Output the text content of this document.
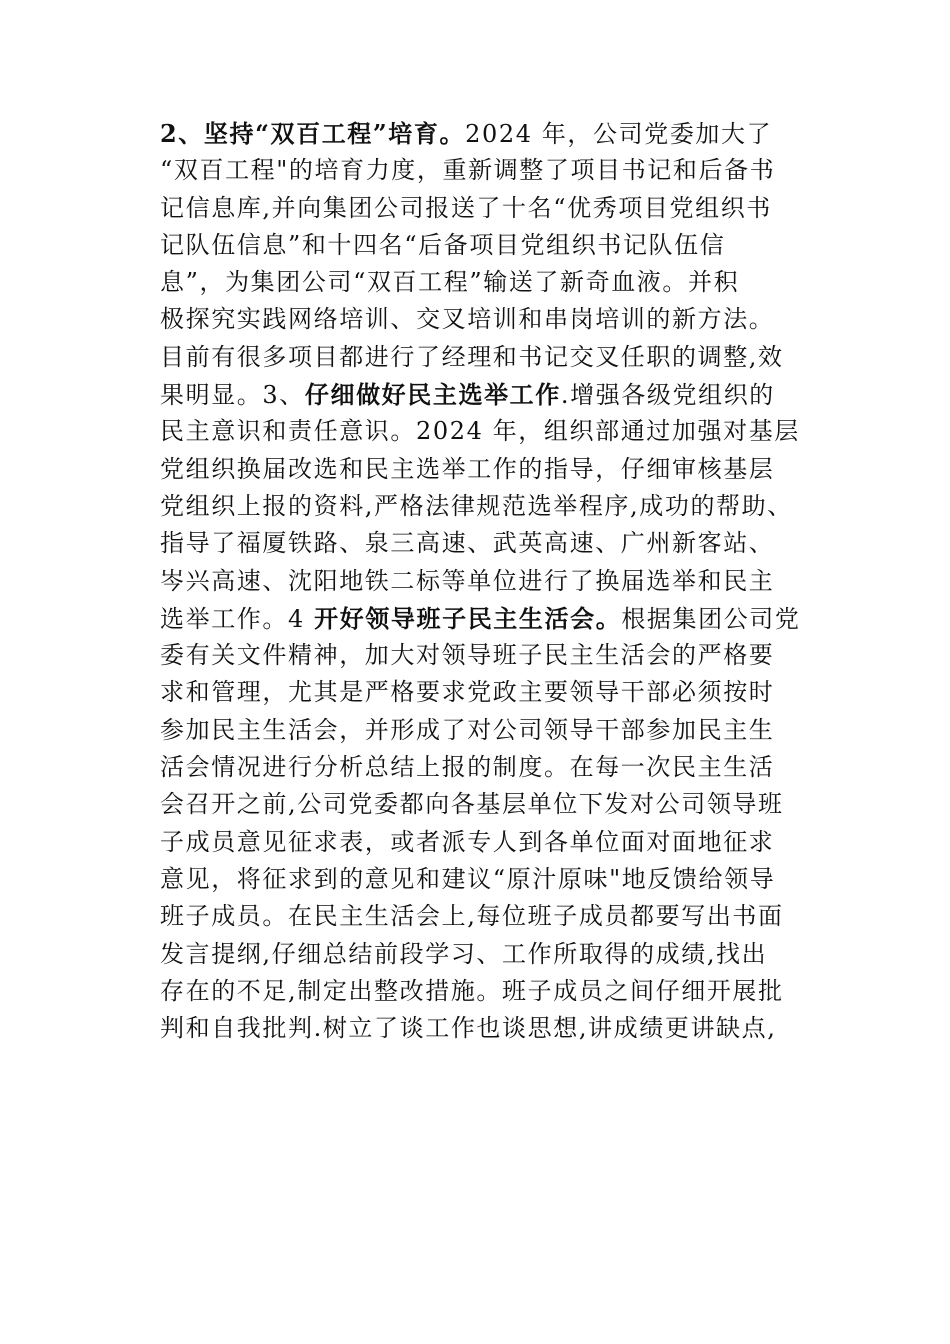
2、坚持“双百工程”培育。2024 年，公司党委加大了
“双百工程"的培育力度，重新调整了项目书记和后备书
记信息库,并向集团公司报送了十名“优秀项目党组织书
记队伍信息”和十四名“后备项目党组织书记队伍信
息”，为集团公司“双百工程”输送了新奇血液。并积
极探究实践网络培训、交叉培训和串岗培训的新方法。
目前有很多项目都进行了经理和书记交叉任职的调整,效
果明显。3、仔细做好民主选举工作.增强各级党组织的
民主意识和责任意识。2024 年，组织部通过加强对基层
党组织换届改选和民主选举工作的指导，仔细审核基层
党组织上报的资料,严格法律规范选举程序,成功的帮助、
指导了福厦铁路、泉三高速、武英高速、广州新客站、
岑兴高速、沈阳地铁二标等单位进行了换届选举和民主
选举工作。4 开好领导班子民主生活会。根据集团公司党
委有关文件精神，加大对领导班子民主生活会的严格要
求和管理，尤其是严格要求党政主要领导干部必须按时
参加民主生活会，并形成了对公司领导干部参加民主生
活会情况进行分析总结上报的制度。在每一次民主生活
会召开之前,公司党委都向各基层单位下发对公司领导班
子成员意见征求表，或者派专人到各单位面对面地征求
意见，将征求到的意见和建议“原汁原味"地反馈给领导
班子成员。在民主生活会上,每位班子成员都要写出书面
发言提纲,仔细总结前段学习、工作所取得的成绩,找出
存在的不足,制定出整改措施。班子成员之间仔细开展批
判和自我批判.树立了谈工作也谈思想,讲成绩更讲缺点,
